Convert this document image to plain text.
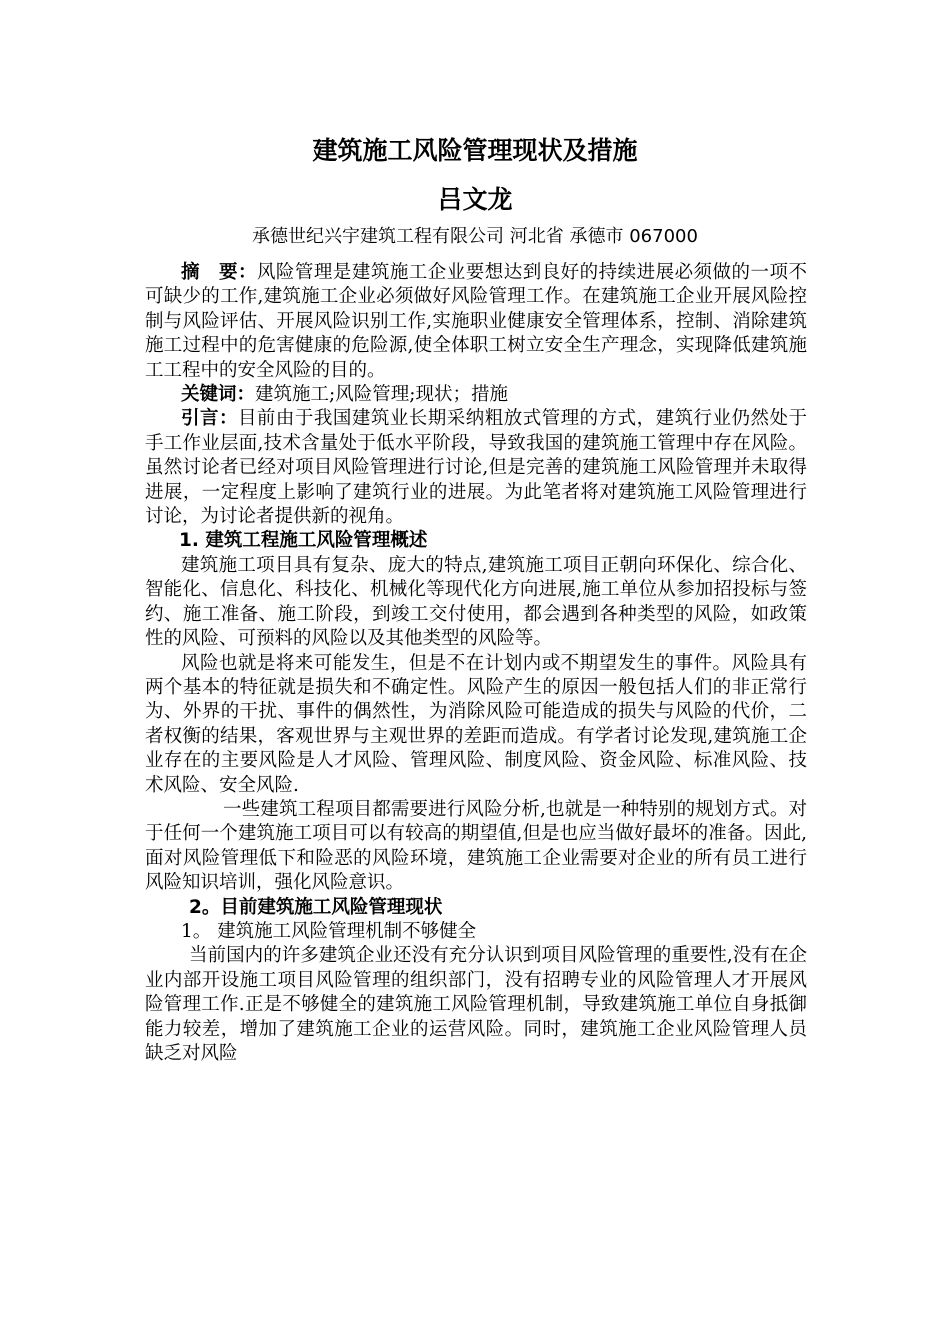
建筑施工风险管理现状及措施
吕文龙
承德世纪兴宇建筑工程有限公司 河北省 承德市 067000

摘　要：风险管理是建筑施工企业要想达到良好的持续进展必须做的一项不可缺少的工作,建筑施工企业必须做好风险管理工作。在建筑施工企业开展风险控制与风险评估、开展风险识别工作,实施职业健康安全管理体系，控制、消除建筑施工过程中的危害健康的危险源,使全体职工树立安全生产理念，实现降低建筑施工工程中的安全风险的目的。

关键词：建筑施工;风险管理;现状；措施

引言：目前由于我国建筑业长期采纳粗放式管理的方式，建筑行业仍然处于手工作业层面,技术含量处于低水平阶段，导致我国的建筑施工管理中存在风险。虽然讨论者已经对项目风险管理进行讨论,但是完善的建筑施工风险管理并未取得进展，一定程度上影响了建筑行业的进展。为此笔者将对建筑施工风险管理进行讨论，为讨论者提供新的视角。

1. 建筑工程施工风险管理概述

建筑施工项目具有复杂、庞大的特点,建筑施工项目正朝向环保化、综合化、智能化、信息化、科技化、机械化等现代化方向进展,施工单位从参加招投标与签约、施工准备、施工阶段，到竣工交付使用，都会遇到各种类型的风险，如政策性的风险、可预料的风险以及其他类型的风险等。

风险也就是将来可能发生，但是不在计划内或不期望发生的事件。风险具有两个基本的特征就是损失和不确定性。风险产生的原因一般包括人们的非正常行为、外界的干扰、事件的偶然性，为消除风险可能造成的损失与风险的代价，二者权衡的结果，客观世界与主观世界的差距而造成。有学者讨论发现,建筑施工企业存在的主要风险是人才风险、管理风险、制度风险、资金风险、标准风险、技术风险、安全风险.

一些建筑工程项目都需要进行风险分析,也就是一种特别的规划方式。对于任何一个建筑施工项目可以有较高的期望值,但是也应当做好最坏的准备。因此,面对风险管理低下和险恶的风险环境，建筑施工企业需要对企业的所有员工进行风险知识培训，强化风险意识。

2。目前建筑施工风险管理现状

1。 建筑施工风险管理机制不够健全

当前国内的许多建筑企业还没有充分认识到项目风险管理的重要性,没有在企业内部开设施工项目风险管理的组织部门，没有招聘专业的风险管理人才开展风险管理工作.正是不够健全的建筑施工风险管理机制，导致建筑施工单位自身抵御能力较差，增加了建筑施工企业的运营风险。同时，建筑施工企业风险管理人员缺乏对风险
